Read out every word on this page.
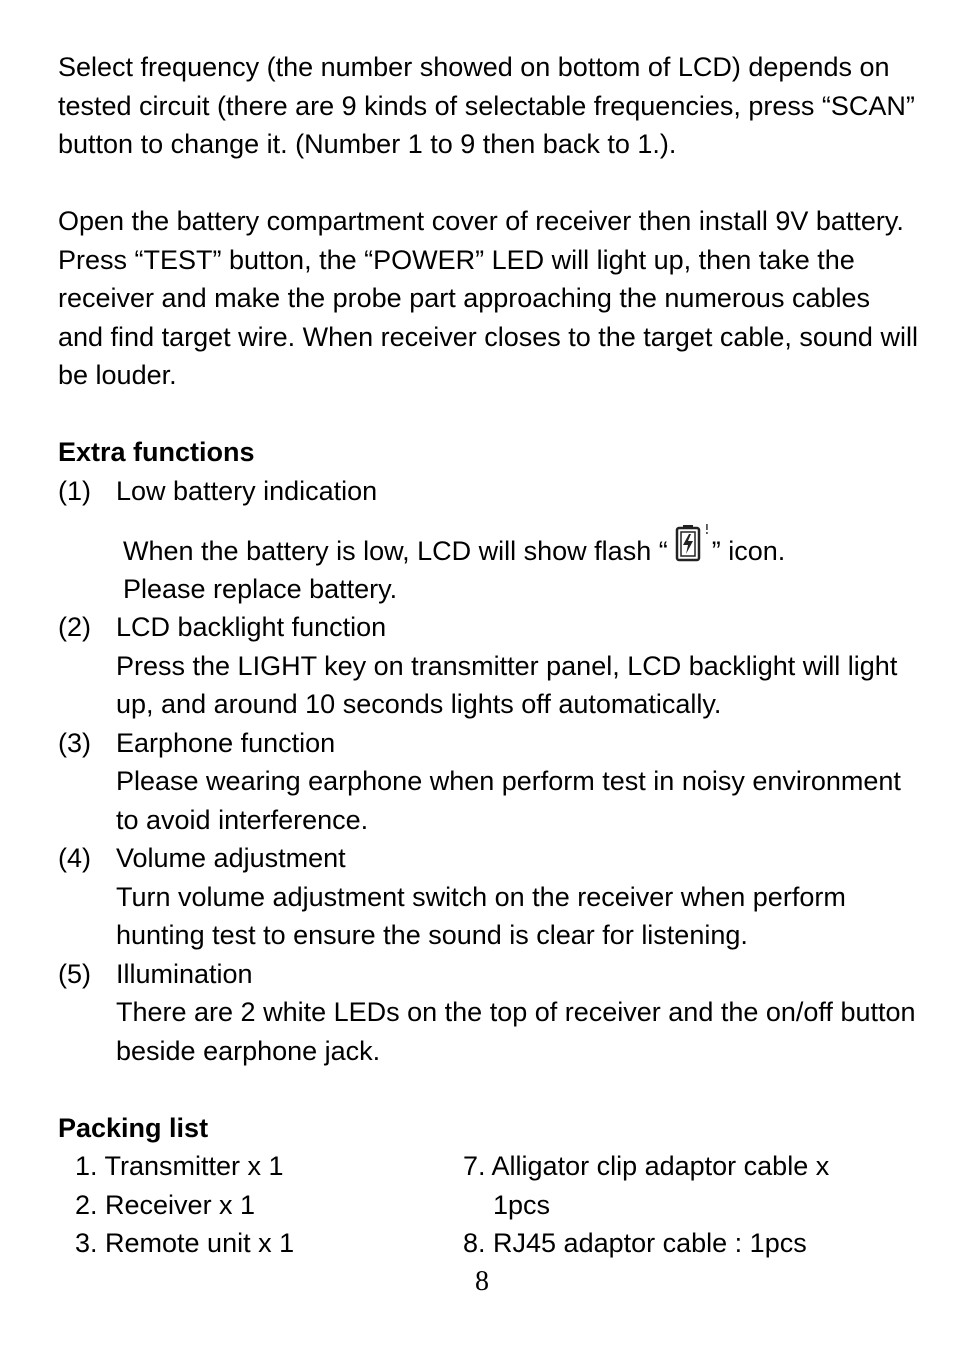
Select frequency (the number showed on bottom of LCD) depends on tested circuit (there are 9 kinds of selectable frequencies, press “SCAN” button to change it. (Number 1 to 9 then back to 1.).

Open the battery compartment cover of receiver then install 9V battery. Press “TEST” button, the “POWER” LED will light up, then take the receiver and make the probe part approaching the numerous cables and find target wire. When receiver closes to the target cable, sound will be louder.

Extra functions

(1) Low battery indication
When the battery is low, LCD will show flash “ ” icon.
Please replace battery.
(2) LCD backlight function
Press the LIGHT key on transmitter panel, LCD backlight will light up, and around 10 seconds lights off automatically.
(3) Earphone function
Please wearing earphone when perform test in noisy environment to avoid interference.
(4) Volume adjustment
Turn volume adjustment switch on the receiver when perform hunting test to ensure the sound is clear for listening.
(5) Illumination
There are 2 white LEDs on the top of receiver and the on/off button beside earphone jack.

Packing list

1. Transmitter x 1
2. Receiver x 1
3. Remote unit x 1
7. Alligator clip adaptor cable x
1pcs
8. RJ45 adaptor cable : 1pcs
8
